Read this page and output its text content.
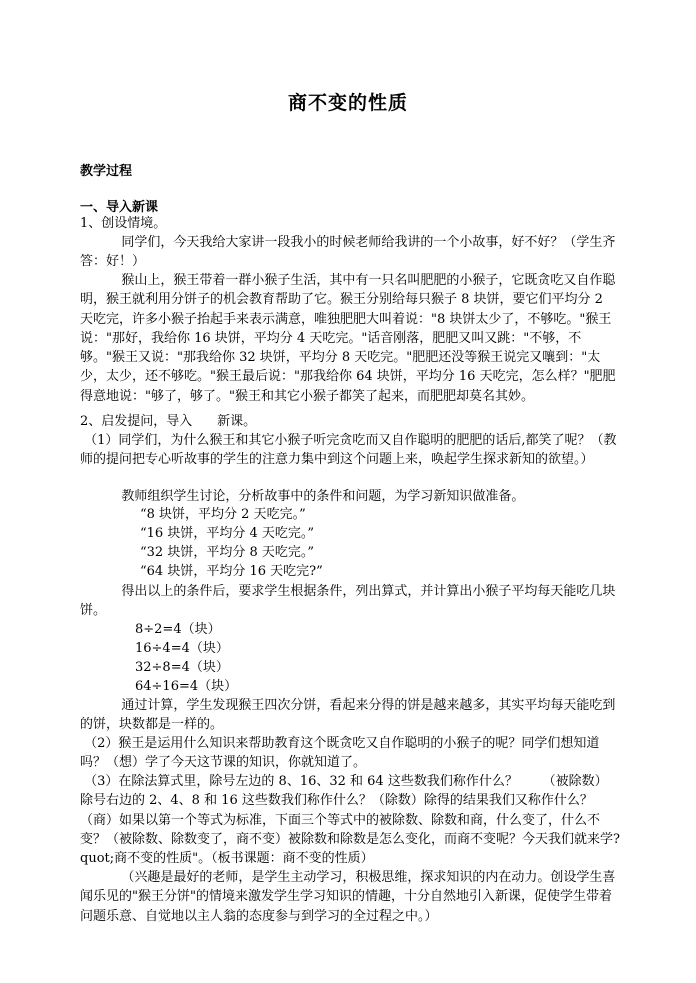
商不变的性质
教学过程
一、导入新课
1、创设情境。
同学们，今天我给大家讲一段我小的时候老师给我讲的一个小故事，好不好？（学生齐答：好！）
猴山上，猴王带着一群小猴子生活，其中有一只名叫肥肥的小猴子，它既贪吃又自作聪明，猴王就利用分饼子的机会教育帮助了它。猴王分别给每只猴子 8 块饼，要它们平均分 2 天吃完，许多小猴子抬起手来表示满意，唯独肥肥大叫着说："8 块饼太少了，不够吃。"猴王说："那好，我给你 16 块饼，平均分 4 天吃完。"话音刚落，肥肥又叫又跳："不够，不够。"猴王又说："那我给你 32 块饼，平均分 8 天吃完。"肥肥还没等猴王说完又嚷到："太少，太少，还不够吃。"猴王最后说："那我给你 64 块饼，平均分 16 天吃完，怎么样？"肥肥得意地说："够了，够了。"猴王和其它小猴子都笑了起来，而肥肥却莫名其妙。
2、启发提问，导入      新课。
（1）同学们，为什么猴王和其它小猴子听完贪吃而又自作聪明的肥肥的话后,都笑了呢？（教师的提问把专心听故事的学生的注意力集中到这个问题上来，唤起学生探求新知的欲望。）
教师组织学生讨论，分析故事中的条件和问题，为学习新知识做准备。
“8 块饼，平均分 2 天吃完。”
“16 块饼，平均分 4 天吃完。”
“32 块饼，平均分 8 天吃完。”
“64 块饼，平均分 16 天吃完?”
得出以上的条件后，要求学生根据条件，列出算式，并计算出小猴子平均每天能吃几块饼。
8÷2=4（块）
16÷4=4（块）
32÷8=4（块）
64÷16=4（块）
通过计算，学生发现猴王四次分饼，看起来分得的饼是越来越多，其实平均每天能吃到的饼，块数都是一样的。
（2）猴王是运用什么知识来帮助教育这个既贪吃又自作聪明的小猴子的呢？同学们想知道吗？（想）学了今天这节课的知识，你就知道了。
（3）在除法算式里，除号左边的 8、16、32 和 64 这些数我们称作什么？      （被除数）除号右边的 2、4、8 和 16 这些数我们称作什么？（除数）除得的结果我们又称作什么？（商）如果以第一个等式为标准，下面三个等式中的被除数、除数和商，什么变了，什么不变？（被除数、除数变了，商不变）被除数和除数是怎么变化，而商不变呢？今天我们就来学?quot;商不变的性质"。（板书课题：商不变的性质）
（兴趣是最好的老师，是学生主动学习，积极思维，探求知识的内在动力。创设学生喜闻乐见的"猴王分饼"的情境来激发学生学习知识的情趣，十分自然地引入新课，促使学生带着问题乐意、自觉地以主人翁的态度参与到学习的全过程之中。）
